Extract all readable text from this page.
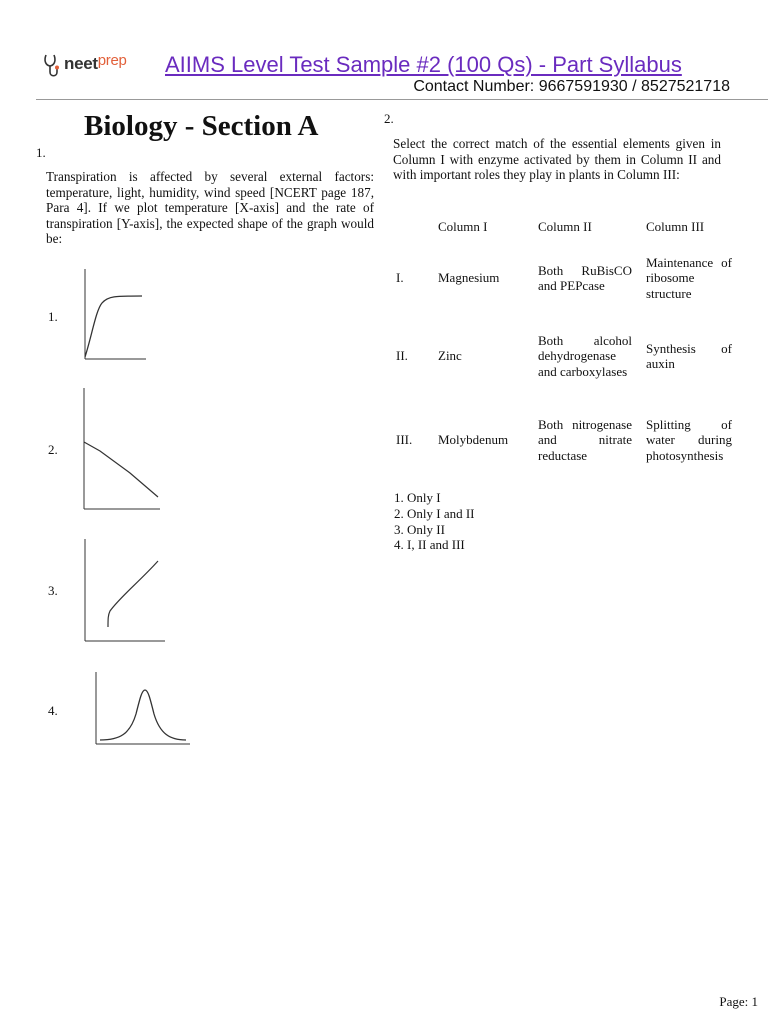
neetprep AIIMS Level Test Sample #2 (100 Qs) - Part Syllabus
Contact Number: 9667591930 / 8527521718
Biology - Section A
1.
Transpiration is affected by several external factors: temperature, light, humidity, wind speed [NCERT page 187, Para 4]. If we plot temperature [X-axis] and the rate of transpiration [Y-axis], the expected shape of the graph would be:
1.
2.
3.
4.
2.
Select the correct match of the essential elements given in Column I with enzyme activated by them in Column II and with important roles they play in plants in Column III:
	Column I	Column II	Column III

I.	Magnesium	Both RuBisCO and PEPcase	Maintenance of ribosome structure

II.	Zinc	Both alcohol dehydrogenase and carboxylases	Synthesis of auxin

III.	Molybdenum	Both nitrogenase and nitrate reductase	Splitting of water during photosynthesis
1. Only I
2. Only I and II
3. Only II
4. I, II and III
Page: 1
